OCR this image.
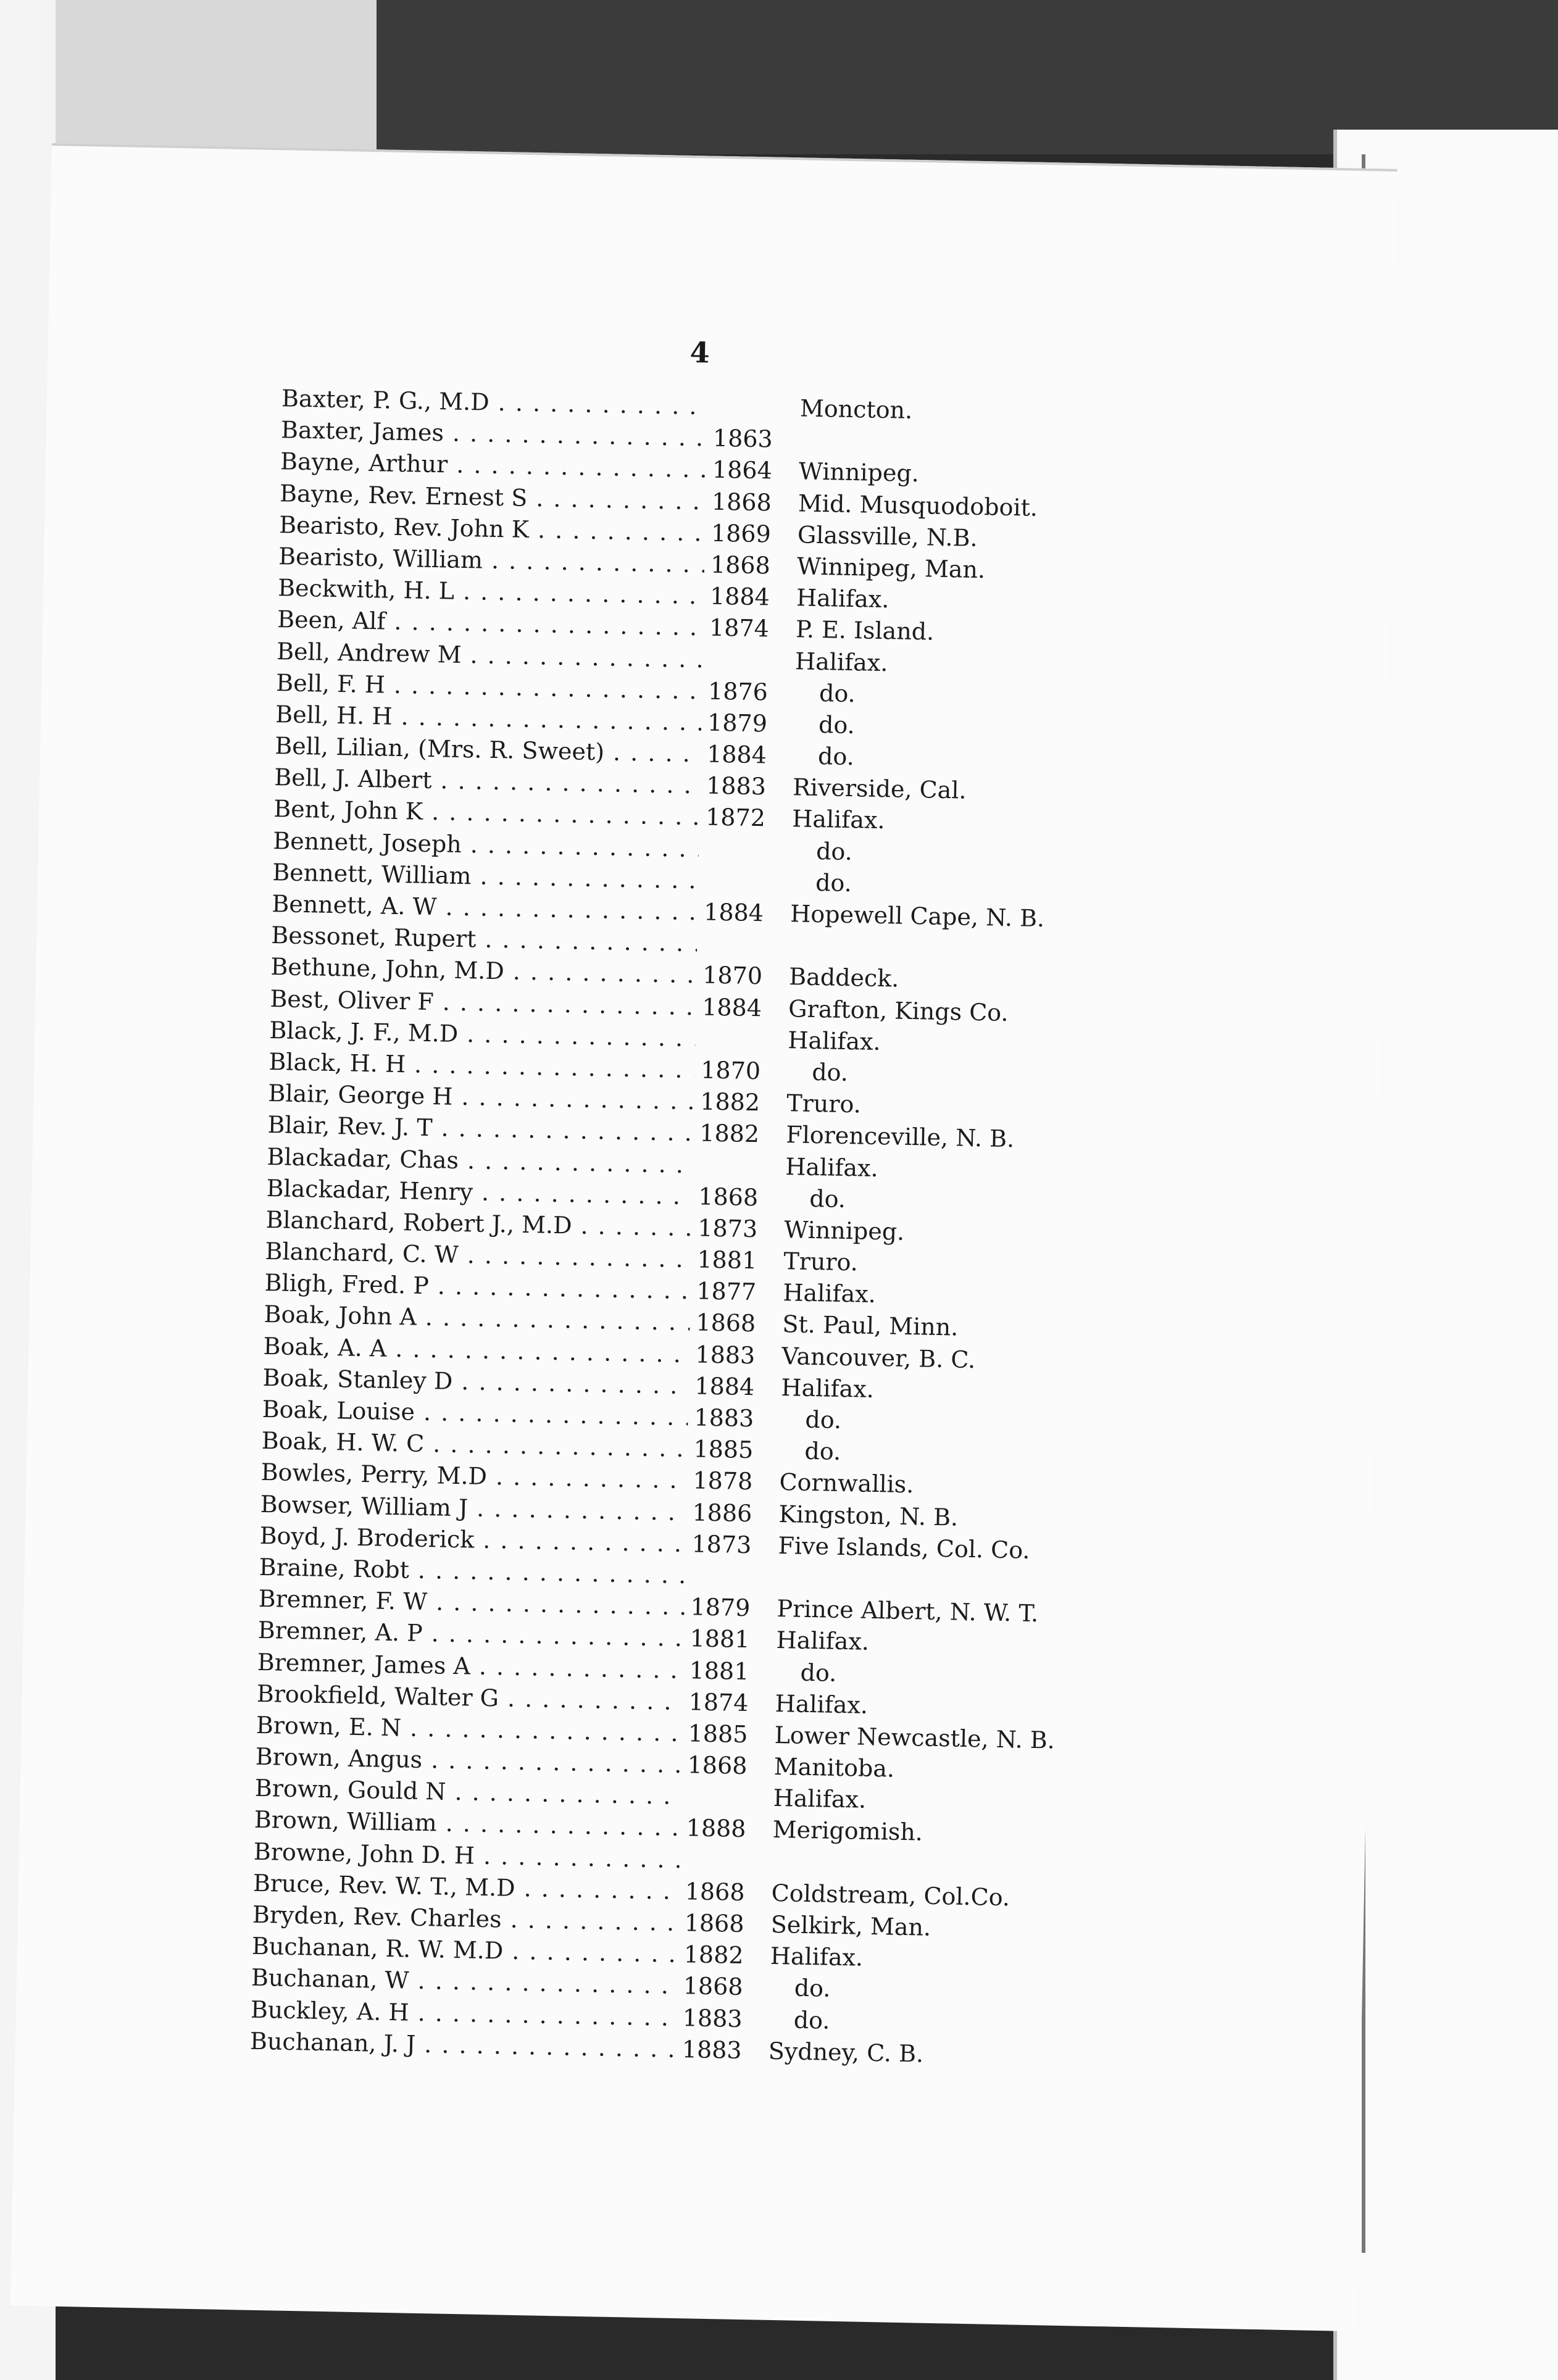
4
Baxter, P. G., M.D . . .	Moncton.
Baxter, James . . .	1863
Bayne, Arthur . . .	1864	Winnipeg.
Bayne, Rev. Ernest S . . .	1868	Mid. Musquodoboit.
Bearisto, Rev. John K . . .	1869	Glassville, N.B.
Bearisto, William . . .	1868	Winnipeg, Man.
Beckwith, H. L . . .	1884	Halifax.
Been, Alf . . .	1874	P. E. Island.
Bell, Andrew M . . .	Halifax.
Bell, F. H . . .	1876	do.
Bell, H. H . . .	1879	do.
Bell, Lilian, (Mrs. R. Sweet) . . .	1884	do.
Bell, J. Albert . . .	1883	Riverside, Cal.
Bent, John K . . .	1872	Halifax.
Bennett, Joseph . . .	do.
Bennett, William . . .	do.
Bennett, A. W . . .	1884	Hopewell Cape, N. B.
Bessonet, Rupert . . .
Bethune, John, M.D . . .	1870	Baddeck.
Best, Oliver F . . .	1884	Grafton, Kings Co.
Black, J. F., M.D . . .	Halifax.
Black, H. H . . .	1870	do.
Blair, George H . . .	1882	Truro.
Blair, Rev. J. T . . .	1882	Florenceville, N. B.
Blackadar, Chas . . .	Halifax.
Blackadar, Henry . . .	1868	do.
Blanchard, Robert J., M.D . . .	1873	Winnipeg.
Blanchard, C. W . . .	1881	Truro.
Bligh, Fred. P . . .	1877	Halifax.
Boak, John A . . .	1868	St. Paul, Minn.
Boak, A. A . . .	1883	Vancouver, B. C.
Boak, Stanley D . . .	1884	Halifax.
Boak, Louise . . .	1883	do.
Boak, H. W. C . . .	1885	do.
Bowles, Perry, M.D . . .	1878	Cornwallis.
Bowser, William J . . .	1886	Kingston, N. B.
Boyd, J. Broderick . . .	1873	Five Islands, Col. Co.
Braine, Robt . . .
Bremner, F. W . . .	1879	Prince Albert, N. W. T.
Bremner, A. P . . .	1881	Halifax.
Bremner, James A . . .	1881	do.
Brookfield, Walter G . . .	1874	Halifax.
Brown, E. N . . .	1885	Lower Newcastle, N. B.
Brown, Angus . . .	1868	Manitoba.
Brown, Gould N . . .	Halifax.
Brown, William . . .	1888	Merigomish.
Browne, John D. H . . .
Bruce, Rev. W. T., M.D . . .	1868	Coldstream, Col.Co.
Bryden, Rev. Charles . . .	1868	Selkirk, Man.
Buchanan, R. W. M.D . . .	1882	Halifax.
Buchanan, W . . .	1868	do.
Buckley, A. H . . .	1883	do.
Buchanan, J. J . . .	1883	Sydney, C. B.
